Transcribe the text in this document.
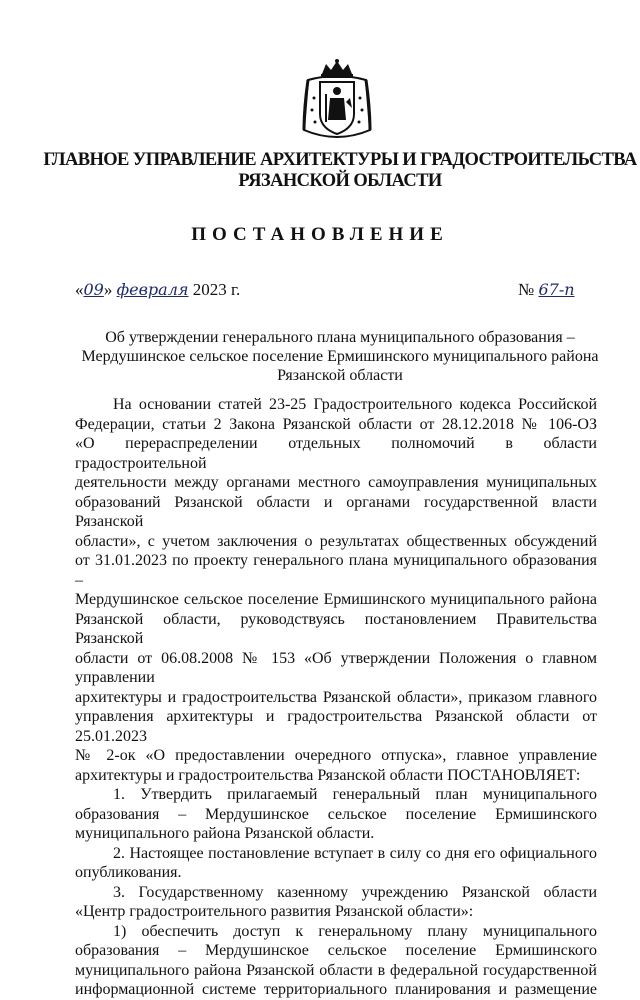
ГЛАВНОЕ УПРАВЛЕНИЕ АРХИТЕКТУРЫ И ГРАДОСТРОИТЕЛЬСТВА
РЯЗАНСКОЙ ОБЛАСТИ
ПОСТАНОВЛЕНИЕ
«09» февраля 2023 г.	№ 67-п
Об утверждении генерального плана муниципального образования –
Мердушинское сельское поселение Ермишинского муниципального района
Рязанской области

На основании статей 23-25 Градостроительного кодекса Российской

Федерации, статьи 2 Закона Рязанской области от 28.12.2018 № 106-ОЗ

«О перераспределении отдельных полномочий в области градостроительной

деятельности между органами местного самоуправления муниципальных

образований Рязанской области и органами государственной власти Рязанской

области», с учетом заключения о результатах общественных обсуждений

от 31.01.2023 по проекту генерального плана муниципального образования –

Мердушинское сельское поселение Ермишинского муниципального района

Рязанской области, руководствуясь постановлением Правительства Рязанской

области от 06.08.2008 № 153 «Об утверждении Положения о главном управлении

архитектуры и градостроительства Рязанской области», приказом главного

управления архитектуры и градостроительства Рязанской области от 25.01.2023

№ 2-ок «О предоставлении очередного отпуска», главное управление

архитектуры и градостроительства Рязанской области ПОСТАНОВЛЯЕТ:

1. Утвердить прилагаемый генеральный план муниципального

образования – Мердушинское сельское поселение Ермишинского

муниципального района Рязанской области.

2. Настоящее постановление вступает в силу со дня его официального

опубликования.

3. Государственному казенному учреждению Рязанской области

«Центр градостроительного развития Рязанской области»:

1) обеспечить доступ к генеральному плану муниципального

образования – Мердушинское сельское поселение Ермишинского

муниципального района Рязанской области в федеральной государственной

информационной системе территориального планирования и размещение
